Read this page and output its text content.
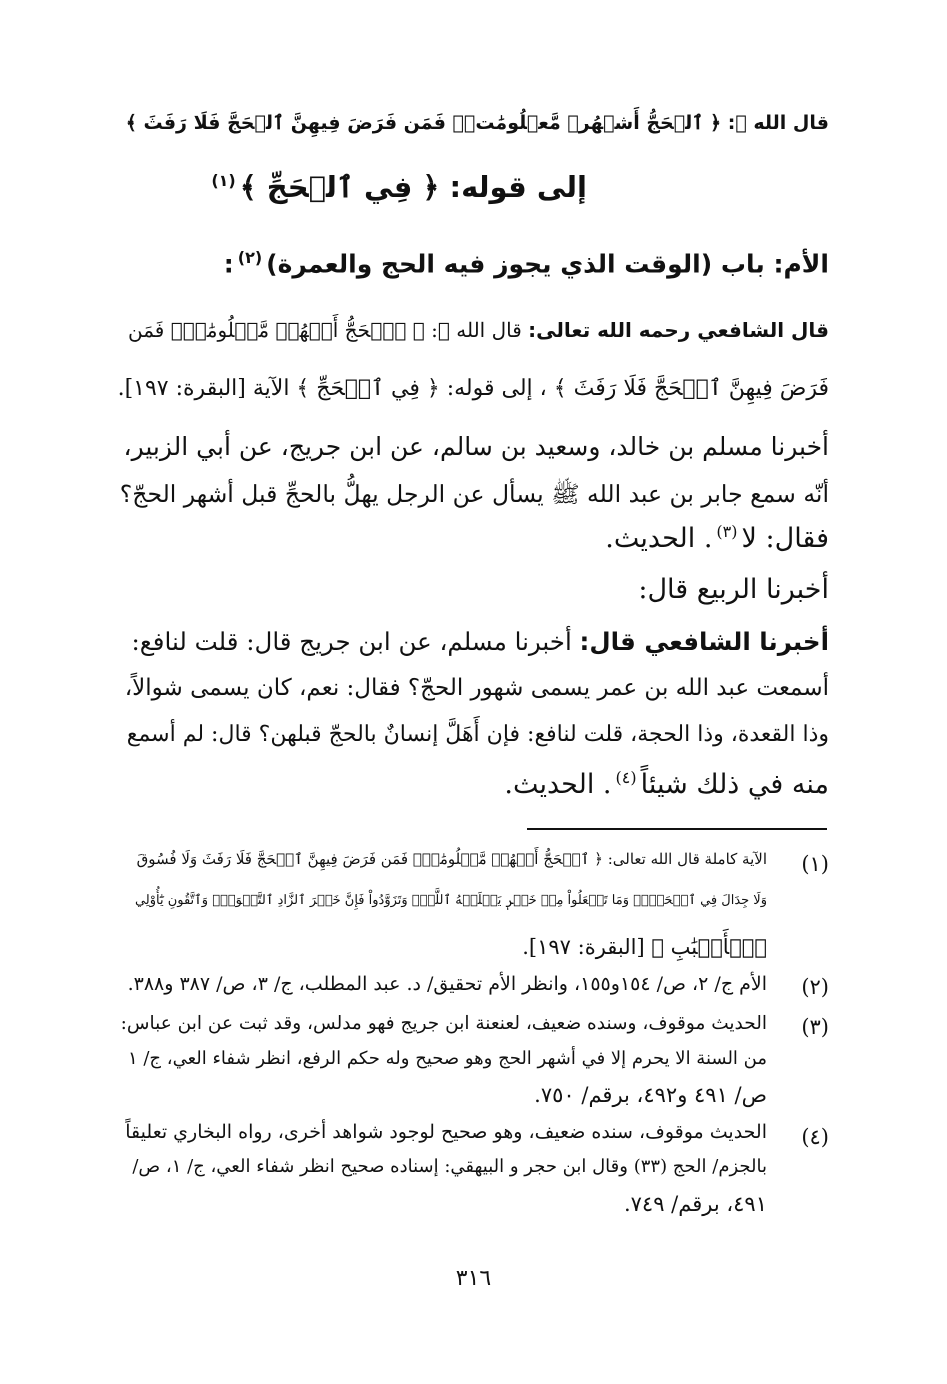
قال الله ﷻ: ﴿ ٱلۡحَجُّ أَشۡهُرٞ مَّعۡلُومَٰتٞۚ فَمَن فَرَضَ فِيهِنَّ ٱلۡحَجَّ فَلَا رَفَثَ ﴾
إلى قوله: ﴿ فِي ٱلۡحَجِّ ﴾$^{(١)}$
الأم: باب (الوقت الذي يجوز فيه الحج والعمرة)$^{(٢)}$:
قال الشافعي رحمه الله تعالى: قال الله ﷻ: ﴿ ٱلۡحَجُّ أَشۡهُرٞ مَّعۡلُومَٰتٞۚ فَمَن
فَرَضَ فِيهِنَّ ٱلۡحَجَّ فَلَا رَفَثَ ﴾ ، إلى قوله: ﴿ فِي ٱلۡحَجِّ ﴾ الآية [البقرة: ١٩٧].
أخبرنا مسلم بن خالد، وسعيد بن سالم، عن ابن جريج، عن أبي الزبير،
أنّه سمع جابر بن عبد الله ﷺ يسأل عن الرجل يهلُّ بالحجِّ قبل أشهر الحجّ؟
فقال: لا$^{(٣)}$. الحديث.
أخبرنا الربيع قال:
أخبرنا الشافعي قال: أخبرنا مسلم، عن ابن جريج قال: قلت لنافع:
أسمعت عبد الله بن عمر يسمى شهور الحجّ؟ فقال: نعم، كان يسمى شوالاً،
وذا القعدة، وذا الحجة، قلت لنافع: فإن أَهَلَّ إنسانٌ بالحجّ قبلهن؟ قال: لم أسمع
منه في ذلك شيئاً$^{(٤)}$. الحديث.
(١)
الآية كاملة قال الله تعالى: ﴿ ٱلۡحَجُّ أَشۡهُرٞ مَّعۡلُومَٰتٞۚ فَمَن فَرَضَ فِيهِنَّ ٱلۡحَجَّ فَلَا رَفَثَ وَلَا فُسُوقَ
وَلَا جِدَالَ فِي ٱلۡحَجِّۗ وَمَا تَفۡعَلُواْ مِنۡ خَيۡرٖ يَعۡلَمۡهُ ٱللَّهُۗ وَتَزَوَّدُواْ فَإِنَّ خَيۡرَ ٱلزَّادِ ٱلتَّقۡوَىٰۖ وَٱتَّقُونِ يَٰٓأُوْلِي
ٱلۡأَلۡبَٰبِ ﴾ [البقرة: ١٩٧].
(٢)
الأم ج/ ٢، ص/ ١٥٤و١٥٥، وانظر الأم تحقيق/ د. عبد المطلب، ج/ ٣، ص/ ٣٨٧ و٣٨٨.
(٣)
الحديث موقوف، وسنده ضعيف، لعنعنة ابن جريج فهو مدلس، وقد ثبت عن ابن عباس:
من السنة الا يحرم إلا في أشهر الحج وهو صحيح وله حكم الرفع، انظر شفاء العي، ج/ ١
ص/ ٤٩١ و٤٩٢، برقم/ ٧٥٠.
(٤)
الحديث موقوف، سنده ضعيف، وهو صحيح لوجود شواهد أخرى، رواه البخاري تعليقاً
بالجزم/ الحج (٣٣) وقال ابن حجر و البيهقي: إسناده صحيح انظر شفاء العي، ج/ ١، ص/
٤٩١، برقم/ ٧٤٩.
٣١٦
